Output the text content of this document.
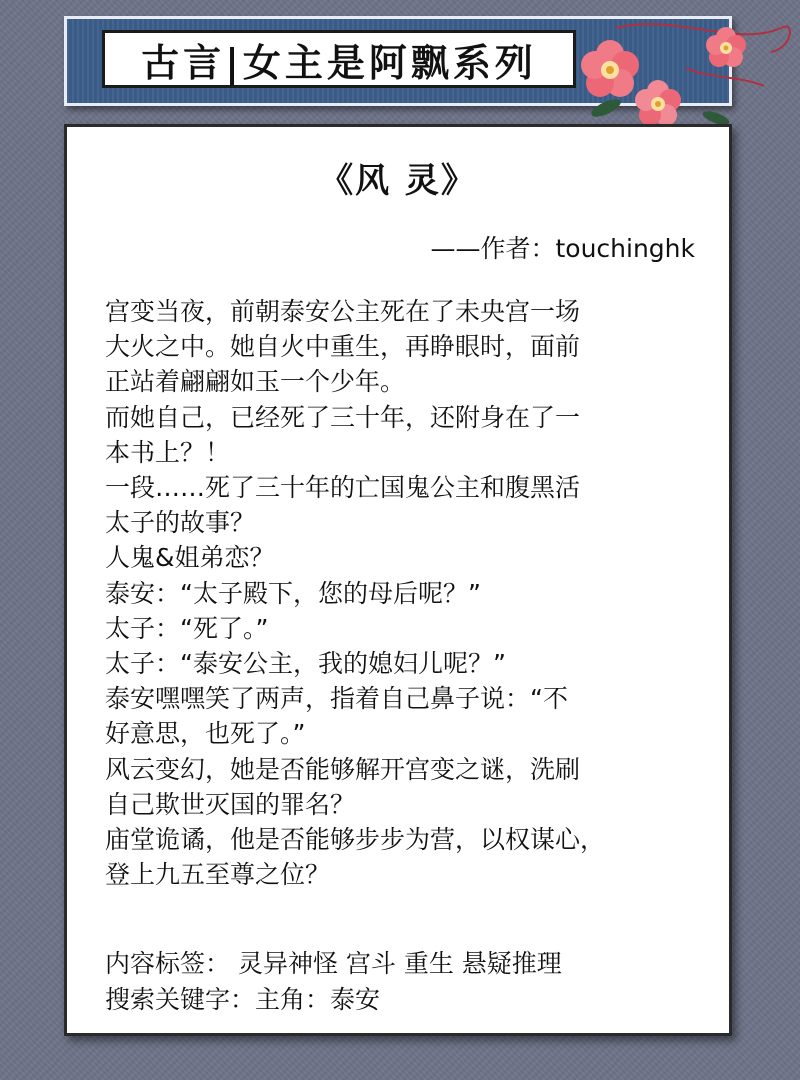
古言|女主是阿飘系列
《风 灵》
——作者：touchinghk
宫变当夜，前朝泰安公主死在了未央宫一场
大火之中。她自火中重生，再睁眼时，面前
正站着翩翩如玉一个少年。
而她自己，已经死了三十年，还附身在了一
本书上？！
一段……死了三十年的亡国鬼公主和腹黑活
太子的故事？
人鬼&姐弟恋？
泰安：“太子殿下，您的母后呢？”
太子：“死了。”
太子：“泰安公主，我的媳妇儿呢？”
泰安嘿嘿笑了两声，指着自己鼻子说：“不
好意思，也死了。”
风云变幻，她是否能够解开宫变之谜，洗刷
自己欺世灭国的罪名？
庙堂诡谲，他是否能够步步为营，以权谋心，
登上九五至尊之位？
内容标签： 灵异神怪 宫斗 重生 悬疑推理
搜索关键字：主角：泰安
